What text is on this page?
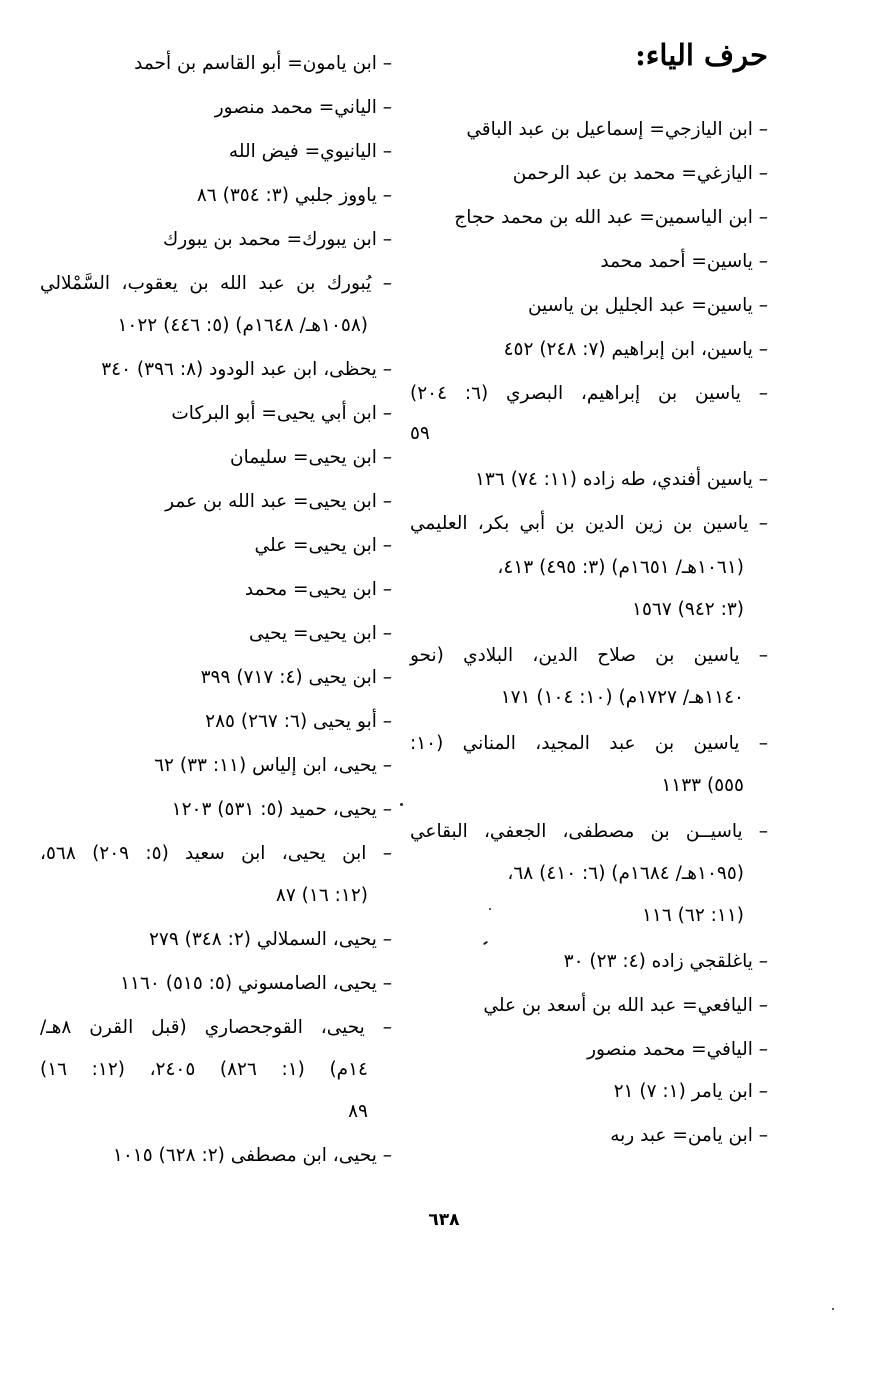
حرف الياء:
– ابن اليازجي= إسماعيل بن عبد الباقي
– اليازغي= محمد بن عبد الرحمن
– ابن الياسمين= عبد الله بن محمد حجاج
– ياسين= أحمد محمد
– ياسين= عبد الجليل بن ياسين
– ياسين، ابن إبراهيم (٧: ٢٤٨) ٤٥٢
– ياسين بن إبراهيم، البصري (٦: ٢٠٤)
٥٩
– ياسين أفندي، طه زاده (١١: ٧٤) ١٣٦
– ياسين بن زين الدين بن أبي بكر، العليمي
(١٠٦١هـ/ ١٦٥١م) (٣: ٤٩٥) ٤١٣،
(٣: ٩٤٢) ١٥٦٧
– ياسين بن صلاح الدين، البلادي (نحو
١١٤٠هـ/ ١٧٢٧م) (١٠: ١٠٤) ١٧١
– ياسين بن عبد المجيد، المناني (١٠:
٥٥٥) ١١٣٣
– ياسيــن بن مصطفى، الجعفي، البقاعي
(١٠٩٥هـ/ ١٦٨٤م) (٦: ٤١٠) ٦٨،
(١١: ٦٢) ١١٦
– ياغلقجي زاده (٤: ٢٣) ٣٠
– اليافعي= عبد الله بن أسعد بن علي
– اليافي= محمد منصور
– ابن يامر (١: ٧) ٢١
– ابن يامن= عبد ربه
– ابن يامون= أبو القاسم بن أحمد
– الياني= محمد منصور
– اليانيوي= فيض الله
– ياووز جلبي (٣: ٣٥٤) ٨٦
– ابن يبورك= محمد بن يبورك
– يُبورك بن عبد الله بن يعقوب، السَّمْلالي
(١٠٥٨هـ/ ١٦٤٨م) (٥: ٤٤٦) ١٠٢٢
– يحظى، ابن عبد الودود (٨: ٣٩٦) ٣٤٠
– ابن أبي يحيى= أبو البركات
– ابن يحيى= سليمان
– ابن يحيى= عبد الله بن عمر
– ابن يحيى= علي
– ابن يحيى= محمد
– ابن يحيى= يحيى
– ابن يحيى (٤: ٧١٧) ٣٩٩
– أبو يحيى (٦: ٢٦٧) ٢٨٥
– يحيى، ابن إلياس (١١: ٣٣) ٦٢
– يحيى، حميد (٥: ٥٣١) ١٢٠٣
– ابن يحيى، ابن سعيد (٥: ٢٠٩) ٥٦٨،
(١٢: ١٦) ٨٧
– يحيى، السملالي (٢: ٣٤٨) ٢٧٩
– يحيى، الصامسوني (٥: ٥١٥) ١١٦٠
– يحيى، القوجحصاري (قبل القرن ٨هـ/
١٤م) (١: ٨٢٦) ٢٤٠٥، (١٢: ١٦)
٨٩
– يحيى، ابن مصطفى (٢: ٦٢٨) ١٠١٥
٦٣٨
